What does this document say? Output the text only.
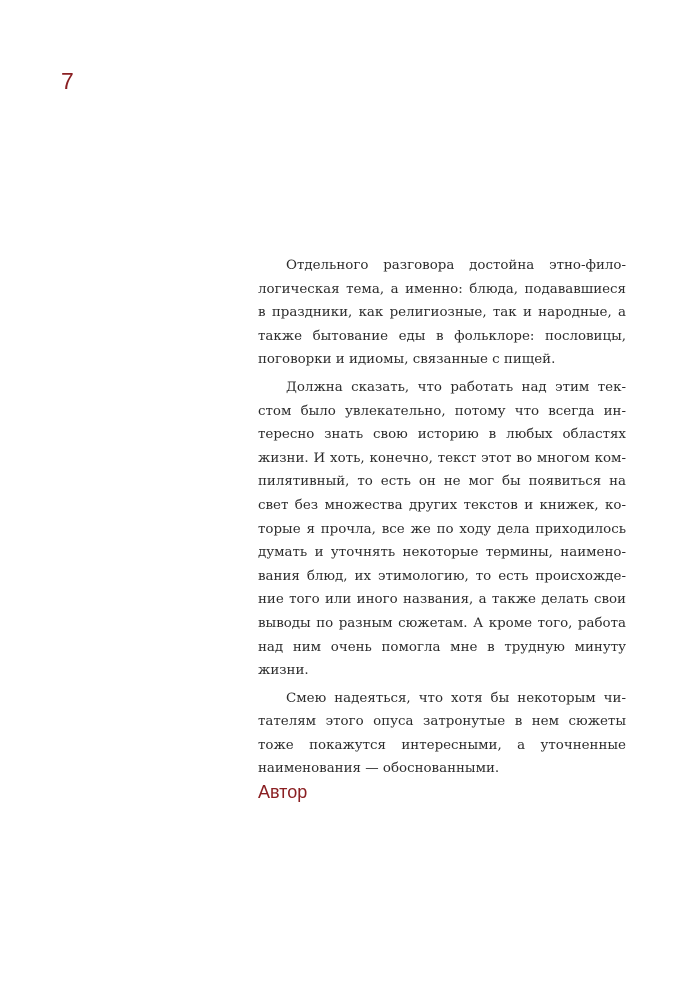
7

Отдельного разговора достойна этно-филологическая тема, а именно: блюда, подававшиеся в праздники, как религиозные, так и народные, а также бытование еды в фольклоре: пословицы, поговорки и идиомы, связанные с пищей.

Должна сказать, что работать над этим текстом было увлекательно, потому что всегда интересно знать свою историю в любых областях жизни. И хоть, конечно, текст этот во многом компилятивный, то есть он не мог бы появиться на свет без множества других текстов и книжек, которые я прочла, все же по ходу дела приходилось думать и уточнять некоторые термины, наименования блюд, их этимологию, то есть происхождение того или иного названия, а также делать свои выводы по разным сюжетам. А кроме того, работа над ним очень помогла мне в трудную минуту жизни.

Смею надеяться, что хотя бы некоторым читателям этого опуса затронутые в нем сюжеты тоже покажутся интересными, а уточненные наименования — обоснованными.

Автор
